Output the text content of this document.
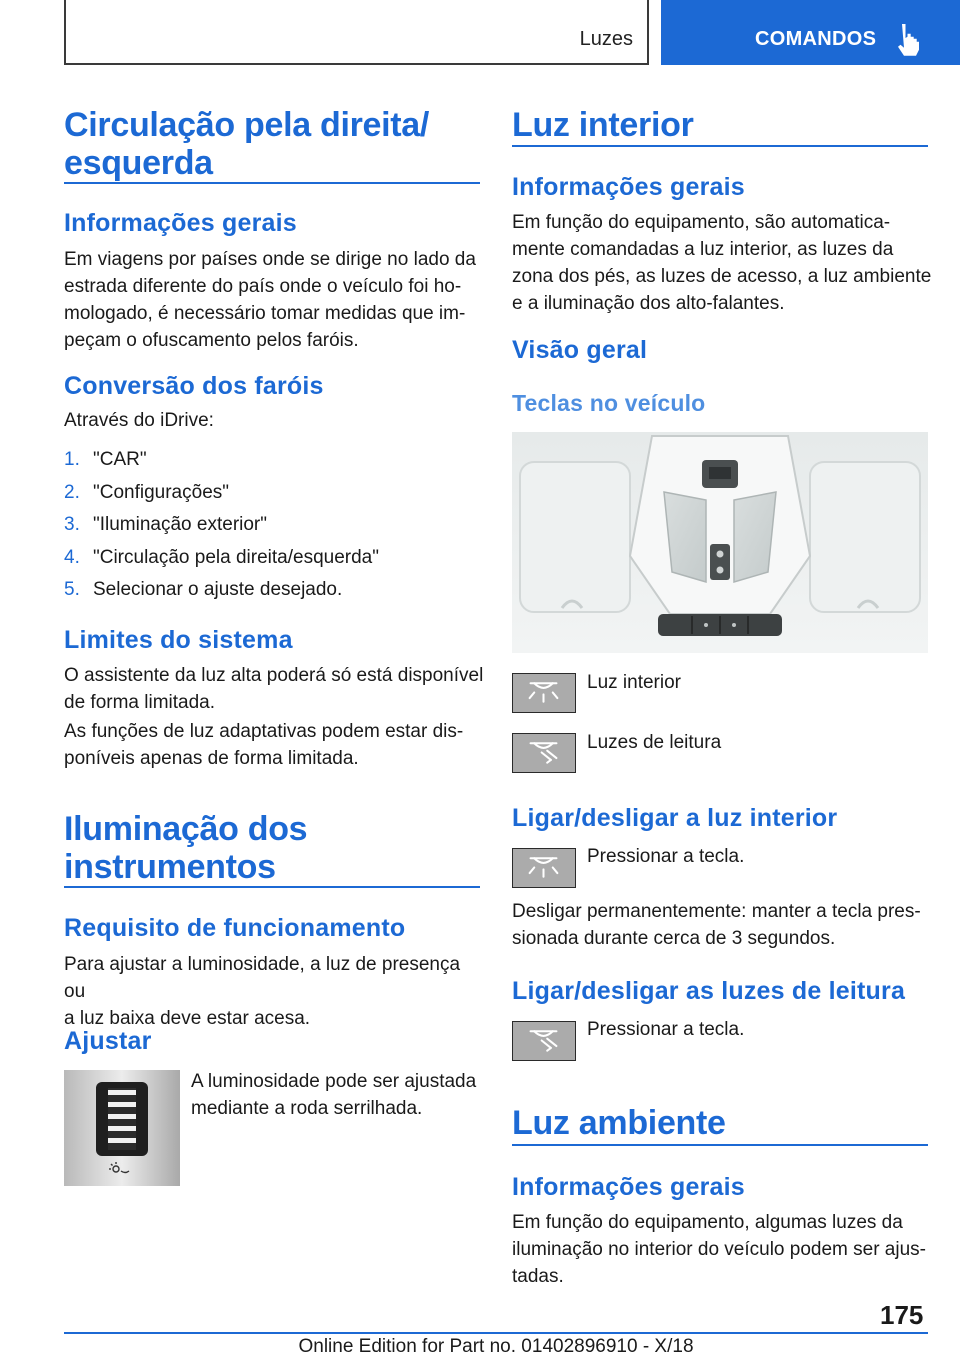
Luzes	COMANDOS
Circulação pela direita/
esquerda
Informações gerais
Em viagens por países onde se dirige no lado da
estrada diferente do país onde o veículo foi ho-
mologado, é necessário tomar medidas que im-
peçam o ofuscamento pelos faróis.
Conversão dos faróis
Através do iDrive:
1. "CAR"
2. "Configurações"
3. "Iluminação exterior"
4. "Circulação pela direita/esquerda"
5. Selecionar o ajuste desejado.
Limites do sistema
O assistente da luz alta poderá só está disponível
de forma limitada.
As funções de luz adaptativas podem estar dis-
poníveis apenas de forma limitada.
Iluminação dos
instrumentos
Requisito de funcionamento
Para ajustar a luminosidade, a luz de presença ou
a luz baixa deve estar acesa.
Ajustar
A luminosidade pode ser ajustada
mediante a roda serrilhada.
Luz interior
Informações gerais
Em função do equipamento, são automatica-
mente comandadas a luz interior, as luzes da
zona dos pés, as luzes de acesso, a luz ambiente
e a iluminação dos alto-falantes.
Visão geral
Teclas no veículo
Luz interior
Luzes de leitura
Ligar/desligar a luz interior
Pressionar a tecla.
Desligar permanentemente: manter a tecla pres-
sionada durante cerca de 3 segundos.
Ligar/desligar as luzes de leitura
Pressionar a tecla.
Luz ambiente
Informações gerais
Em função do equipamento, algumas luzes da
iluminação no interior do veículo podem ser ajus-
tadas.
175
Online Edition for Part no. 01402896910 - X/18
